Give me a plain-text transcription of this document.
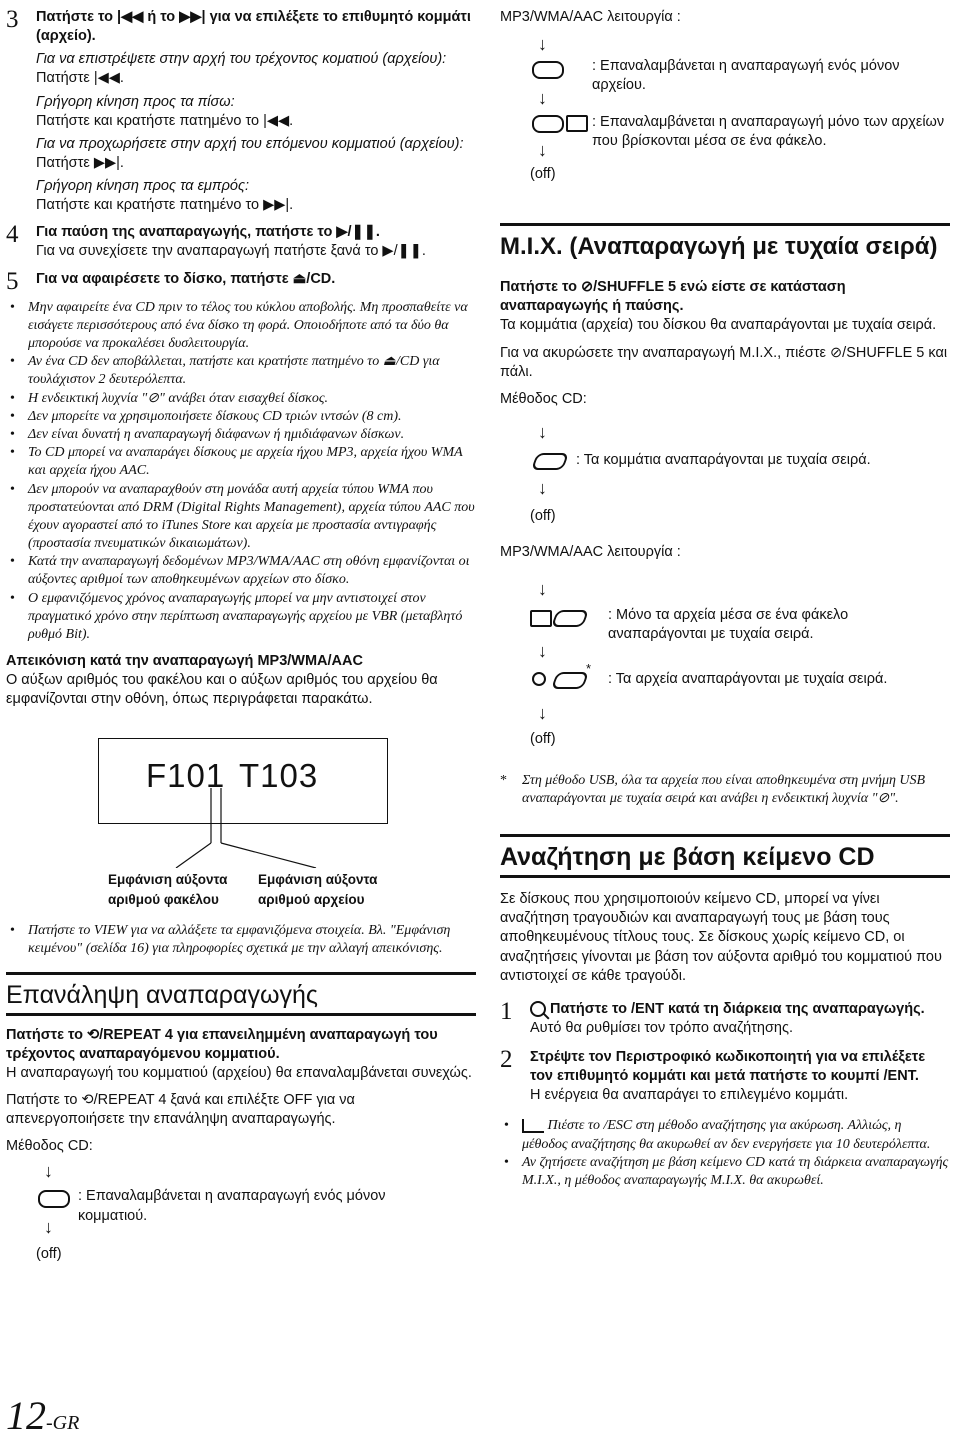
3 Πατήστε το |◀◀ ή το ▶▶| για να επιλέξετε το επιθυμητό κομμάτι (αρχείο).

Για να επιστρέψετε στην αρχή του τρέχοντος κοματιού (αρχείου):

Πατήστε |◀◀.

Γρήγορη κίνηση προς τα πίσω:

Πατήστε και κρατήστε πατημένο το |◀◀.

Για να προχωρήσετε στην αρχή του επόμενου κομματιού (αρχείου):

Πατήστε ▶▶|.

Γρήγορη κίνηση προς τα εμπρός:

Πατήστε και κρατήστε πατημένο το ▶▶|.

4 Για παύση της αναπαραγωγής, πατήστε το ▶/❚❚.

Για να συνεχίσετε την αναπαραγωγή πατήστε ξανά το ▶/❚❚.

5 Για να αφαιρέσετε το δίσκο, πατήστε ⏏/CD.
• Μην αφαιρείτε ένα CD πριν το τέλος του κύκλου αποβολής. Μη προσπαθείτε να εισάγετε περισσότερους από ένα δίσκο τη φορά. Οποιοδήποτε από τα δύο θα μπορούσε να προκαλέσει δυσλειτουργία.
• Αν ένα CD δεν αποβάλλεται, πατήστε και κρατήστε πατημένο το ⏏/CD για τουλάχιστον 2 δευτερόλεπτα.
• Η ενδεικτική λυχνία "⊘" ανάβει όταν εισαχθεί δίσκος.
• Δεν μπορείτε να χρησιμοποιήσετε δίσκους CD τριών ιντσών (8 cm).
• Δεν είναι δυνατή η αναπαραγωγή διάφανων ή ημιδιάφανων δίσκων.
• Το CD μπορεί να αναπαράγει δίσκους με αρχεία ήχου MP3, αρχεία ήχου WMA και αρχεία ήχου AAC.
• Δεν μπορούν να αναπαραχθούν στη μονάδα αυτή αρχεία τύπου WMA που προστατεύονται από DRM (Digital Rights Management), αρχεία τύπου AAC που έχουν αγοραστεί από το iTunes Store και αρχεία με προστασία αντιγραφής (προστασία πνευματικών δικαιωμάτων).
• Κατά την αναπαραγωγή δεδομένων MP3/WMA/AAC στη οθόνη εμφανίζονται οι αύξοντες αριθμοί των αποθηκευμένων αρχείων στο δίσκο.
• Ο εμφανιζόμενος χρόνος αναπαραγωγής μπορεί να μην αντιστοιχεί στον πραγματικό χρόνο στην περίπτωση αναπαραγωγής αρχείου με VBR (μεταβλητό ρυθμό Bit).

Απεικόνιση κατά την αναπαραγωγή MP3/WMA/AAC

Ο αύξων αριθμός του φακέλου και ο αύξων αριθμός του αρχείου θα εμφανίζονται στην οθόνη, όπως περιγράφεται παρακάτω.

F101 T103
Εμφάνιση αύξοντα αριθμού φακέλου
Εμφάνιση αύξοντα αριθμού αρχείου
• Πατήστε το VIEW για να αλλάξετε τα εμφανιζόμενα στοιχεία. Βλ. "Εμφάνιση κειμένου" (σελίδα 16) για πληροφορίες σχετικά με την αλλαγή απεικόνισης.
Επανάληψη αναπαραγωγής

Πατήστε το ⟲/REPEAT 4 για επανειλημμένη αναπαραγωγή του τρέχοντος αναπαραγόμενου κομματιού.

Η αναπαραγωγή του κομματιού (αρχείου) θα επαναλαμβάνεται συνεχώς.

Πατήστε το ⟲/REPEAT 4 ξανά και επιλέξτε OFF για να απενεργοποιήσετε την επανάληψη αναπαραγωγής.

Μέθοδος CD:

↓
: Επαναλαμβάνεται η αναπαραγωγή ενός μόνον κομματιού.
↓
(off)
12-GR

MP3/WMA/AAC λειτουργία :

↓
: Επαναλαμβάνεται η αναπαραγωγή ενός μόνον αρχείου.
↓
: Επαναλαμβάνεται η αναπαραγωγή μόνο των αρχείων που βρίσκονται μέσα σε ένα φάκελο.
↓
(off)
Μ.Ι.Χ. (Αναπαραγωγή με τυχαία σειρά)

Πατήστε το ⊘/SHUFFLE 5 ενώ είστε σε κατάσταση αναπαραγωγής ή παύσης.

Τα κομμάτια (αρχεία) του δίσκου θα αναπαράγονται με τυχαία σειρά.

Για να ακυρώσετε την αναπαραγωγή Μ.Ι.Χ., πιέστε ⊘/SHUFFLE 5 και πάλι.

Μέθοδος CD:

↓
: Τα κομμάτια αναπαράγονται με τυχαία σειρά.
↓
(off)

MP3/WMA/AAC λειτουργία :

↓
: Μόνο τα αρχεία μέσα σε ένα φάκελο αναπαράγονται με τυχαία σειρά.
↓
*
: Τα αρχεία αναπαράγονται με τυχαία σειρά.
↓
(off)
* Στη μέθοδο USB, όλα τα αρχεία που είναι αποθηκευμένα στη μνήμη USB αναπαράγονται με τυχαία σειρά και ανάβει η ενδεικτική λυχνία "⊘".
Αναζήτηση με βάση κείμενο CD

Σε δίσκους που χρησιμοποιούν κείμενο CD, μπορεί να γίνει αναζήτηση τραγουδιών και αναπαραγωγή τους με βάση τους αποθηκευμένους τίτλους τους. Σε δίσκους χωρίς κείμενο CD, οι αναζητήσεις γίνονται με βάση τον αύξοντα αριθμό του κομματιού που αντιστοιχεί σε κάθε τραγούδι.

1	Πατήστε το /ENT κατά τη διάρκεια της αναπαραγωγής.

Αυτό θα ρυθμίσει τον τρόπο αναζήτησης.

2 Στρέψτε τον Περιστροφικό κωδικοποιητή για να επιλέξετε τον επιθυμητό κομμάτι και μετά πατήστε το κουμπί /ENT.

Η ενέργεια θα αναπαράγει το επιλεγμένο κομμάτι.

• Πιέστε το /ESC στη μέθοδο αναζήτησης για ακύρωση. Αλλιώς, η μέθοδος αναζήτησης θα ακυρωθεί αν δεν ενεργήσετε για 10 δευτερόλεπτα.
• Αν ζητήσετε αναζήτηση με βάση κείμενο CD κατά τη διάρκεια αναπαραγωγής Μ.Ι.Χ., η μέθοδος αναπαραγωγής Μ.Ι.Χ. θα ακυρωθεί.
